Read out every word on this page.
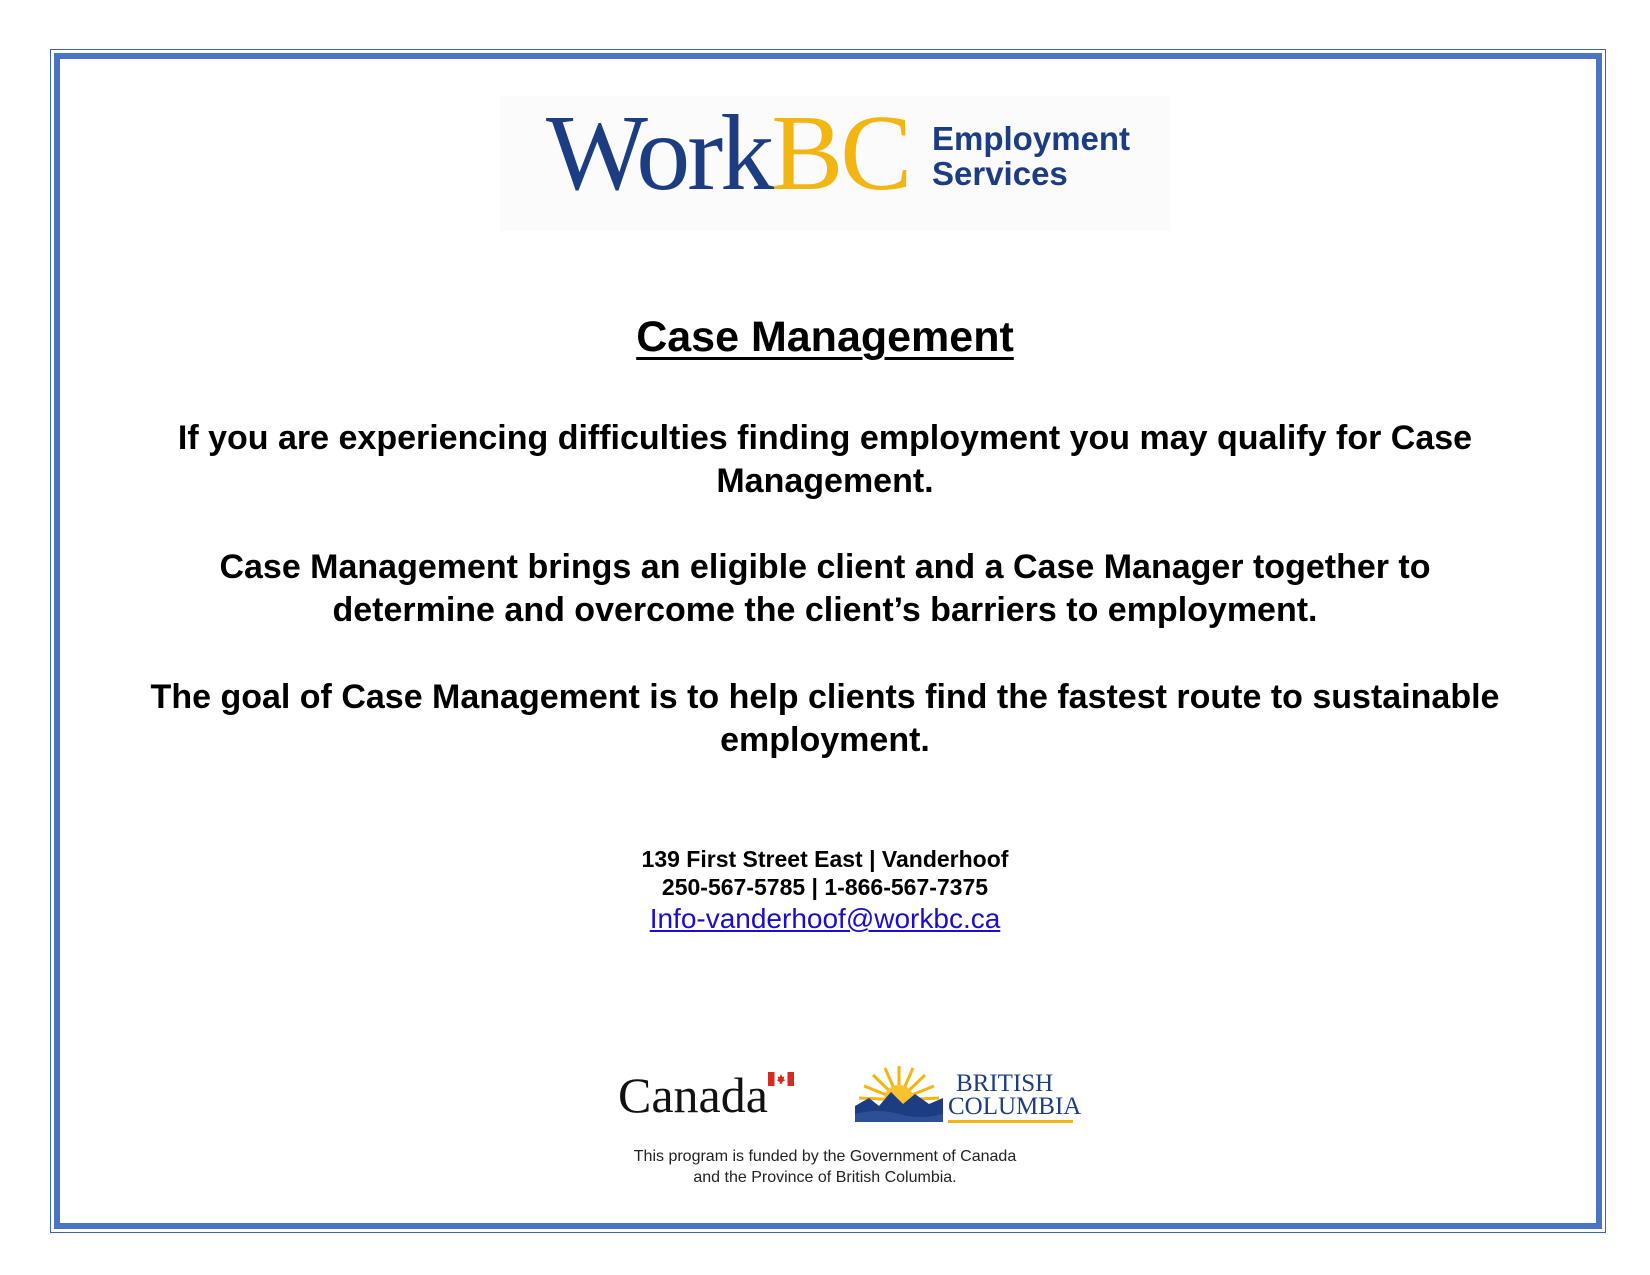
WorkBC Employment
Services
Case Management

If you are experiencing difficulties finding employment you may qualify for Case Management.

Case Management brings an eligible client and a Case Manager together to determine and overcome the client’s barriers to employment.

The goal of Case Management is to help clients find the fastest route to sustainable employment.

139 First Street East | Vanderhoof
250-567-5785 | 1-866-567-7375
Info-vanderhoof@workbc.ca
Canada	BRITISH
COLUMBIA
This program is funded by the Government of Canada
and the Province of British Columbia.
